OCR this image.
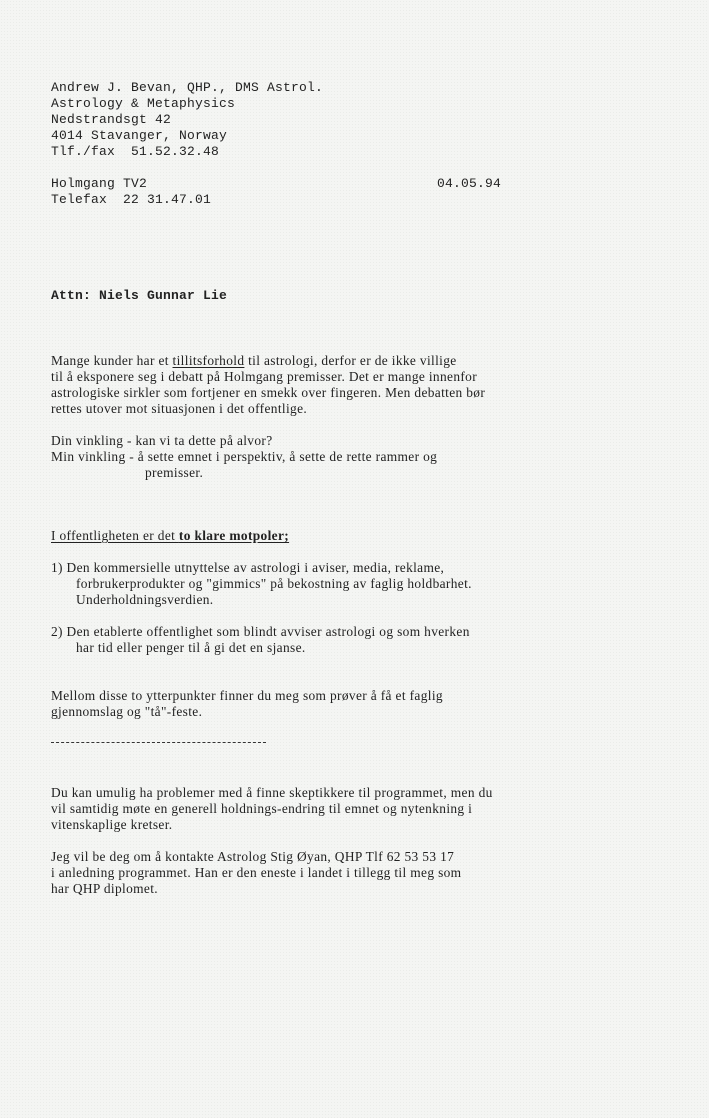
Andrew J. Bevan, QHP., DMS Astrol.
Astrology & Metaphysics
Nedstrandsgt 42
4014 Stavanger, Norway
Tlf./fax  51.52.32.48
Holmgang TV2	04.05.94
Telefax  22 31.47.01
Attn: Niels Gunnar Lie
Mange kunder har et tillitsforhold til astrologi, derfor er de ikke villige
til å eksponere seg i debatt på Holmgang premisser. Det er mange innenfor
astrologiske sirkler som fortjener en smekk over fingeren. Men debatten bør
rettes utover mot situasjonen i det offentlige.
Din vinkling - kan vi ta dette på alvor?
Min vinkling - å sette emnet i perspektiv, å sette de rette rammer og
premisser.
I offentligheten er det to klare motpoler;
1) Den kommersielle utnyttelse av astrologi i aviser, media, reklame,
forbrukerprodukter og "gimmics" på bekostning av faglig holdbarhet.
Underholdningsverdien.
2) Den etablerte offentlighet som blindt avviser astrologi og som hverken
har tid eller penger til å gi det en sjanse.
Mellom disse to ytterpunkter finner du meg som prøver å få et faglig
gjennomslag og "tå"-feste.
Du kan umulig ha problemer med å finne skeptikkere til programmet, men du
vil samtidig møte en generell holdnings-endring til emnet og nytenkning i
vitenskaplige kretser.
Jeg vil be deg om å kontakte Astrolog Stig Øyan, QHP Tlf 62 53 53 17
i anledning programmet. Han er den eneste i landet i tillegg til meg som
har QHP diplomet.
